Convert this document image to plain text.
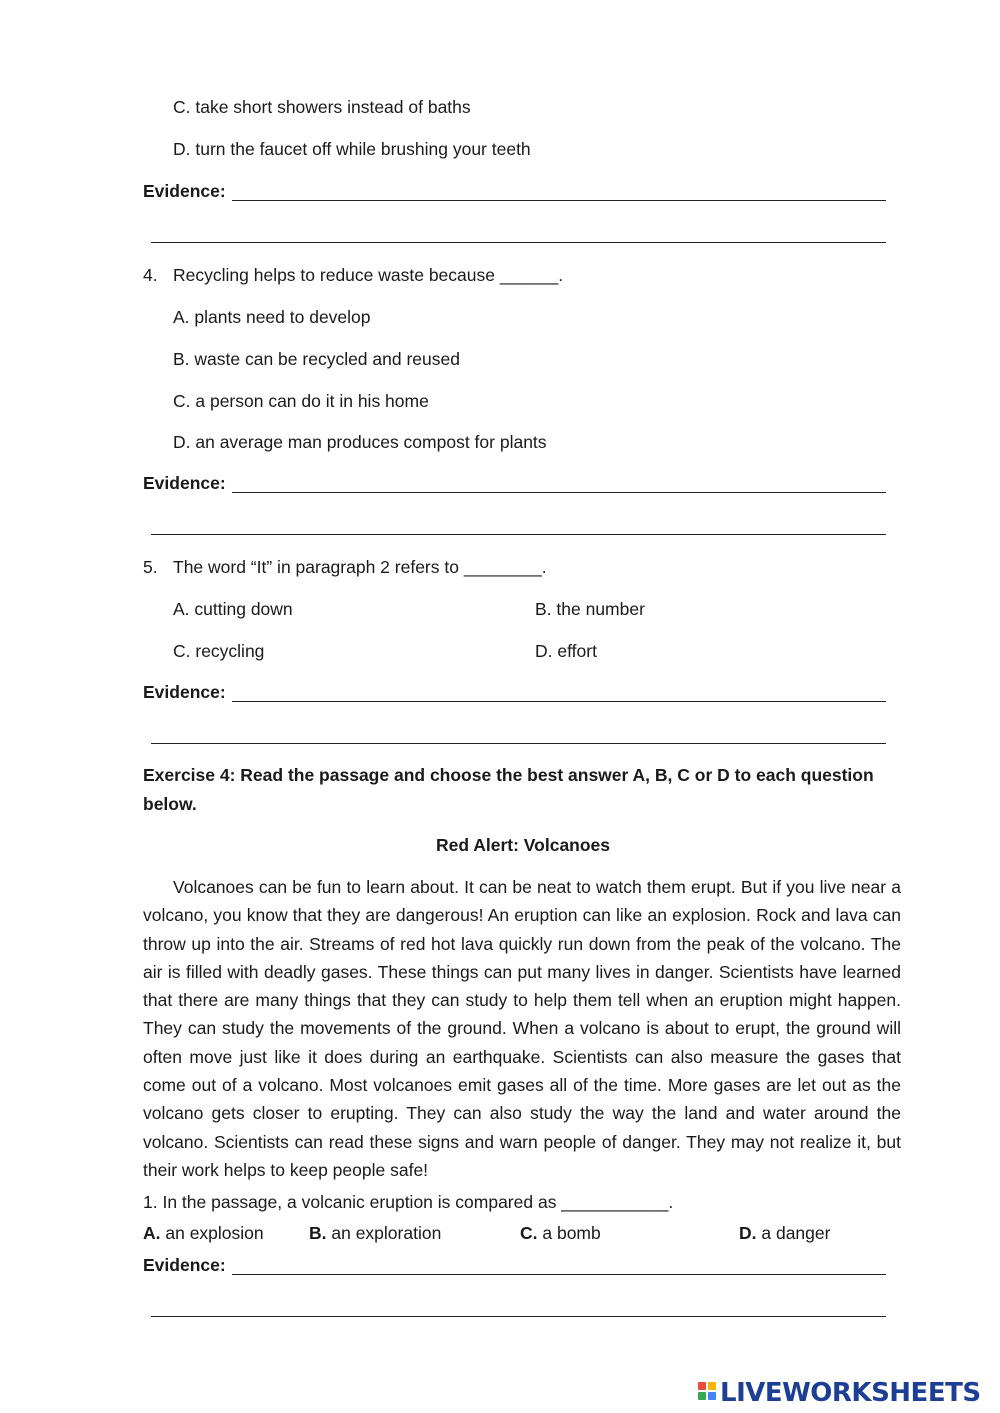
C. take short showers instead of baths
D. turn the faucet off while brushing your teeth
Evidence:
4. Recycling helps to reduce waste because ______.
A. plants need to develop
B. waste can be recycled and reused
C. a person can do it in his home
D. an average man produces compost for plants
Evidence:
5. The word “It” in paragraph 2 refers to ________.
A. cutting down	B. the number
C. recycling	D. effort
Evidence:
Exercise 4: Read the passage and choose the best answer A, B, C or D to each question
below.
Red Alert: Volcanoes
Volcanoes can be fun to learn about. It can be neat to watch them erupt. But if you live near a volcano, you know that they are dangerous! An eruption can like an explosion. Rock and lava can throw up into the air. Streams of red hot lava quickly run down from the peak of the volcano. The air is filled with deadly gases. These things can put many lives in danger. Scientists have learned that there are many things that they can study to help them tell when an eruption might happen. They can study the movements of the ground. When a volcano is about to erupt, the ground will often move just like it does during an earthquake. Scientists can also measure the gases that come out of a volcano. Most volcanoes emit gases all of the time. More gases are let out as the volcano gets closer to erupting. They can also study the way the land and water around the volcano. Scientists can read these signs and warn people of danger. They may not realize it, but their work helps to keep people safe!
1. In the passage, a volcanic eruption is compared as ___________.
A. an explosion	B. an exploration	C. a bomb	D. a danger
Evidence:
LIVEWORKSHEETS
